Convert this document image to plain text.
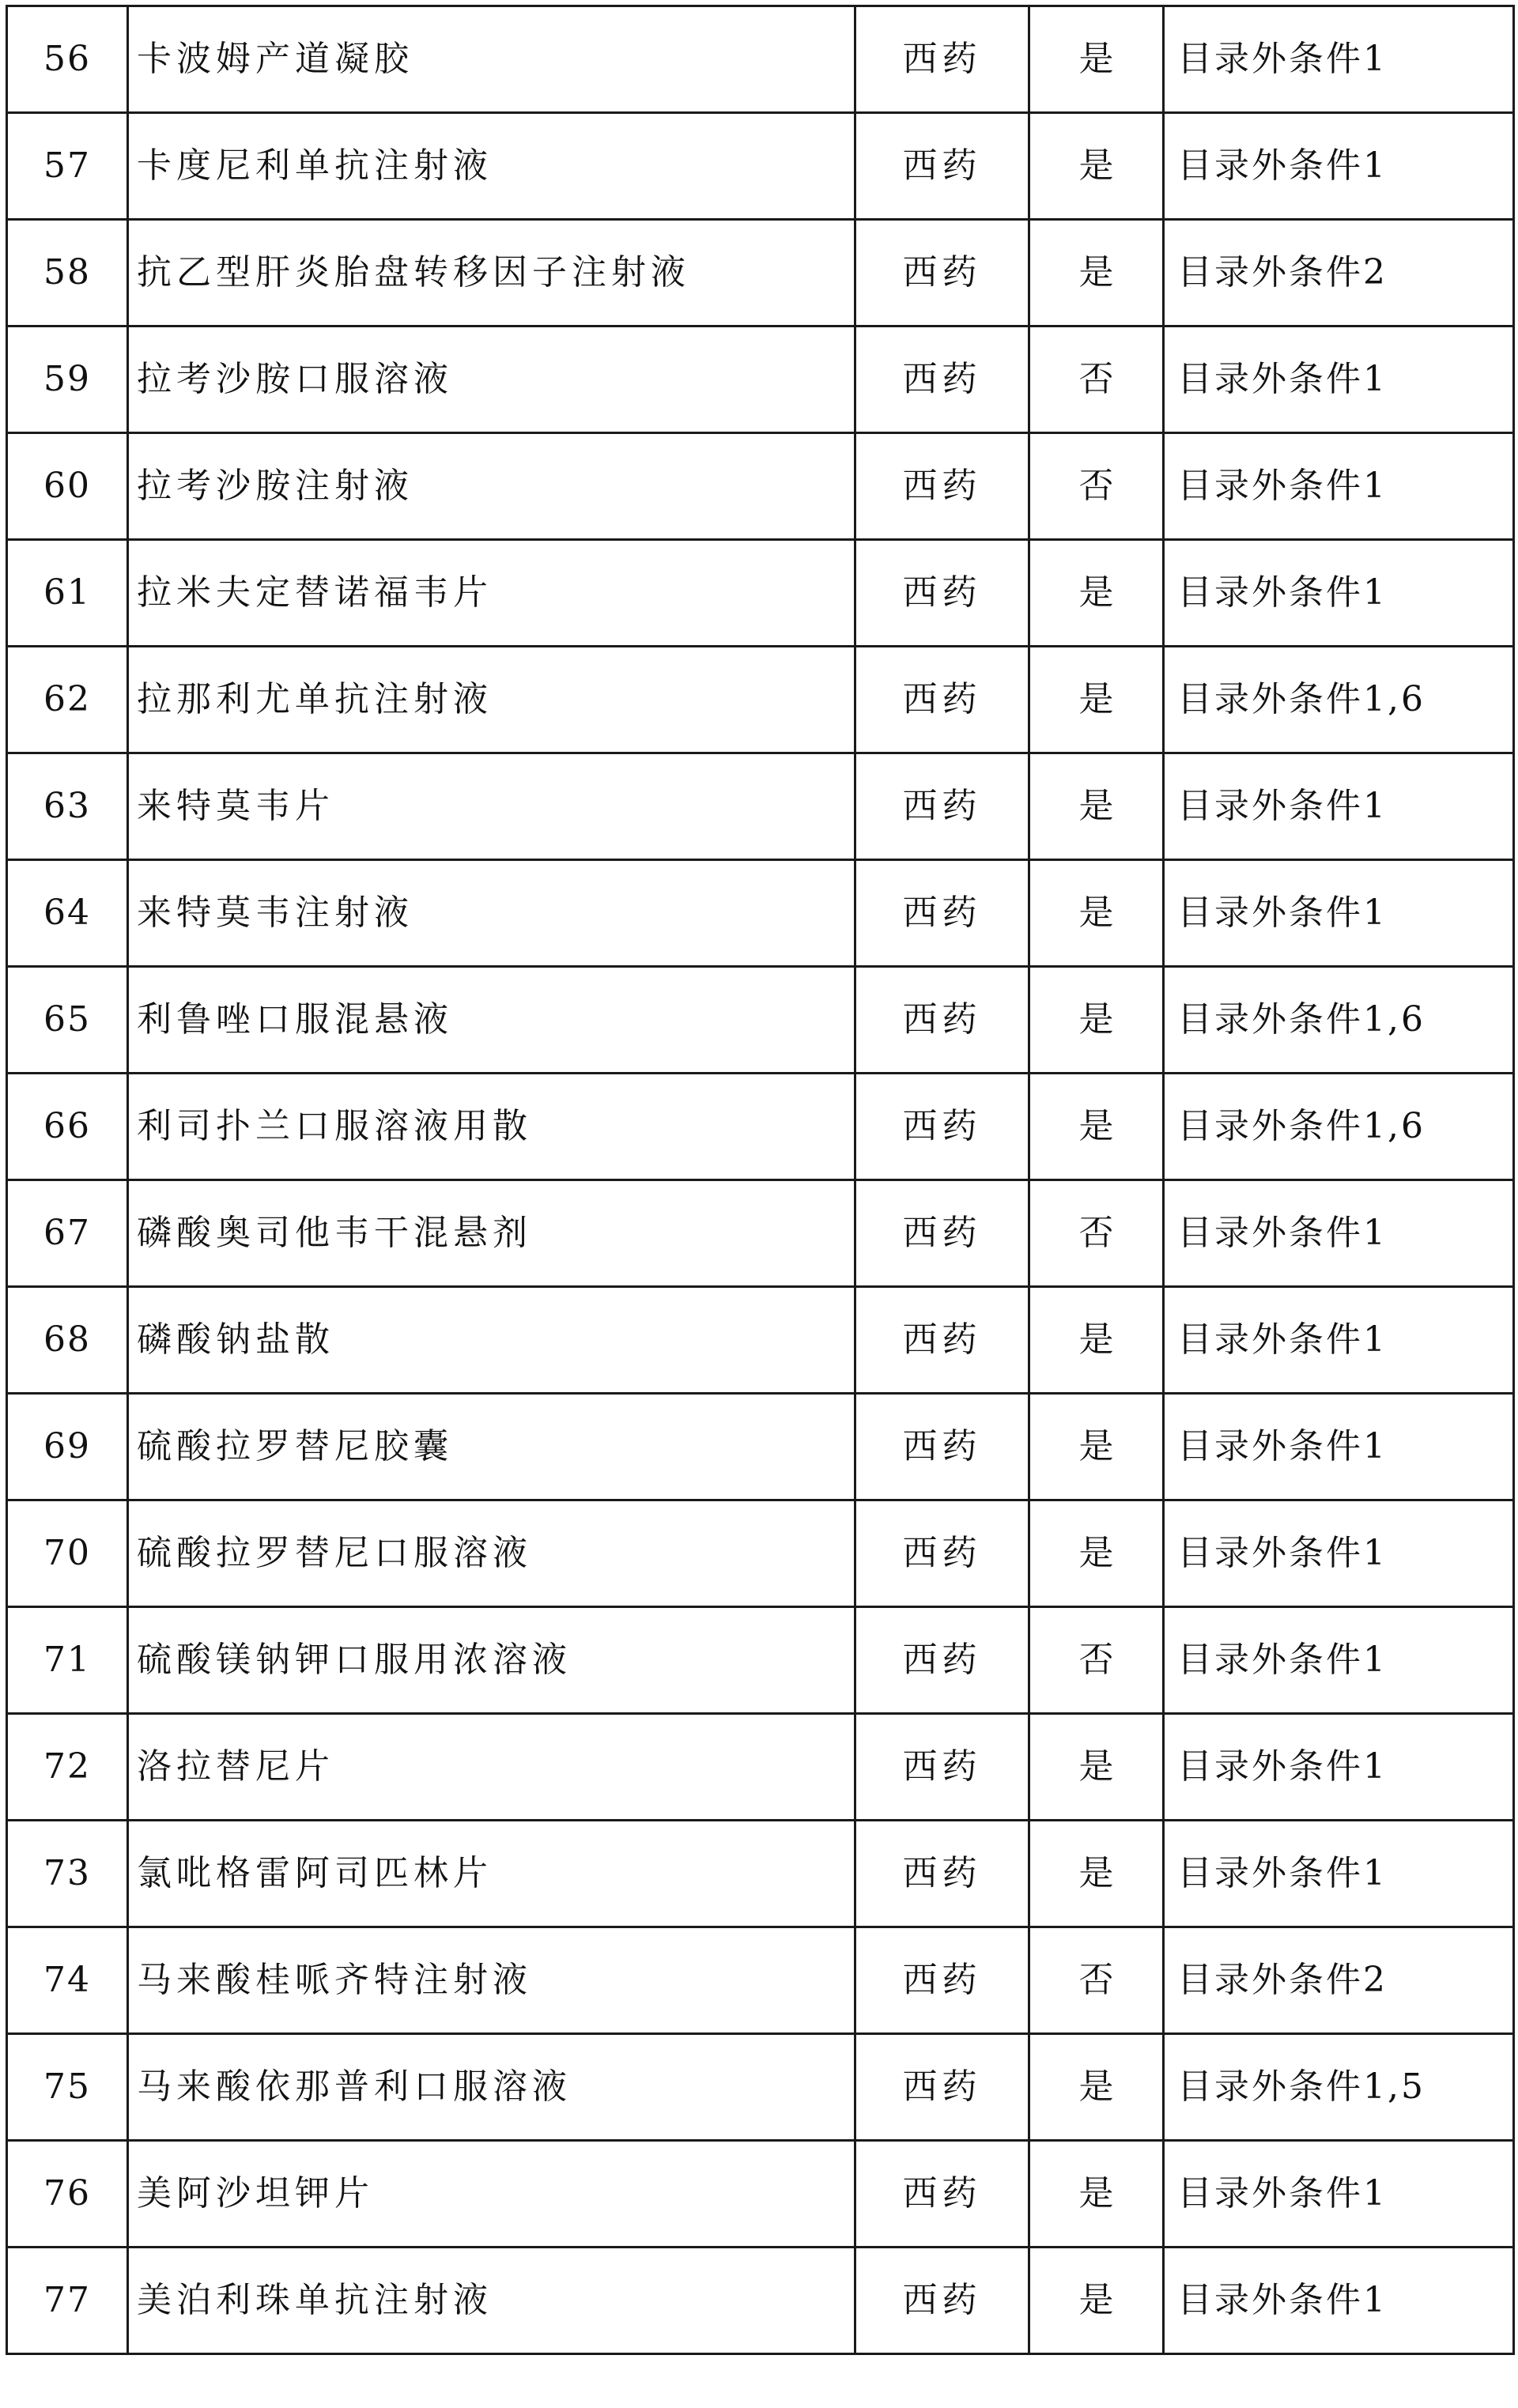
56	卡波姆产道凝胶	西药	是	目录外条件1
57	卡度尼利单抗注射液	西药	是	目录外条件1
58	抗乙型肝炎胎盘转移因子注射液	西药	是	目录外条件2
59	拉考沙胺口服溶液	西药	否	目录外条件1
60	拉考沙胺注射液	西药	否	目录外条件1
61	拉米夫定替诺福韦片	西药	是	目录外条件1
62	拉那利尤单抗注射液	西药	是	目录外条件1,6
63	来特莫韦片	西药	是	目录外条件1
64	来特莫韦注射液	西药	是	目录外条件1
65	利鲁唑口服混悬液	西药	是	目录外条件1,6
66	利司扑兰口服溶液用散	西药	是	目录外条件1,6
67	磷酸奥司他韦干混悬剂	西药	否	目录外条件1
68	磷酸钠盐散	西药	是	目录外条件1
69	硫酸拉罗替尼胶囊	西药	是	目录外条件1
70	硫酸拉罗替尼口服溶液	西药	是	目录外条件1
71	硫酸镁钠钾口服用浓溶液	西药	否	目录外条件1
72	洛拉替尼片	西药	是	目录外条件1
73	氯吡格雷阿司匹林片	西药	是	目录外条件1
74	马来酸桂哌齐特注射液	西药	否	目录外条件2
75	马来酸依那普利口服溶液	西药	是	目录外条件1,5
76	美阿沙坦钾片	西药	是	目录外条件1
77	美泊利珠单抗注射液	西药	是	目录外条件1
